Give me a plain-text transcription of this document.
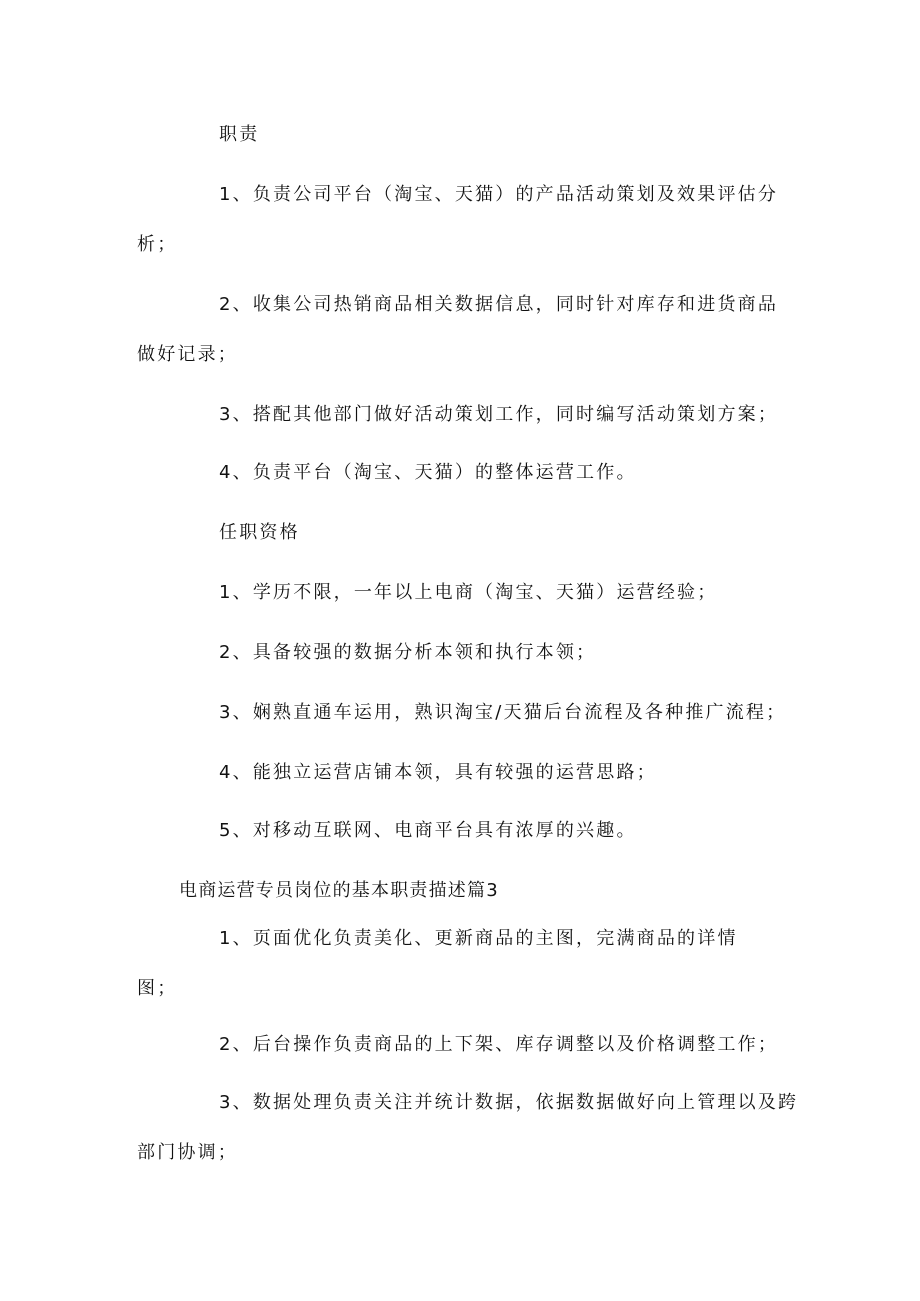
职责
1、负责公司平台（淘宝、天猫）的产品活动策划及效果评估分
析；
2、收集公司热销商品相关数据信息，同时针对库存和进货商品
做好记录；
3、搭配其他部门做好活动策划工作，同时编写活动策划方案；
4、负责平台（淘宝、天猫）的整体运营工作。
任职资格
1、学历不限，一年以上电商（淘宝、天猫）运营经验；
2、具备较强的数据分析本领和执行本领；
3、娴熟直通车运用，熟识淘宝/天猫后台流程及各种推广流程；
4、能独立运营店铺本领，具有较强的运营思路；
5、对移动互联网、电商平台具有浓厚的兴趣。
电商运营专员岗位的基本职责描述篇3
1、页面优化负责美化、更新商品的主图，完满商品的详情
图；
2、后台操作负责商品的上下架、库存调整以及价格调整工作；
3、数据处理负责关注并统计数据，依据数据做好向上管理以及跨
部门协调；
